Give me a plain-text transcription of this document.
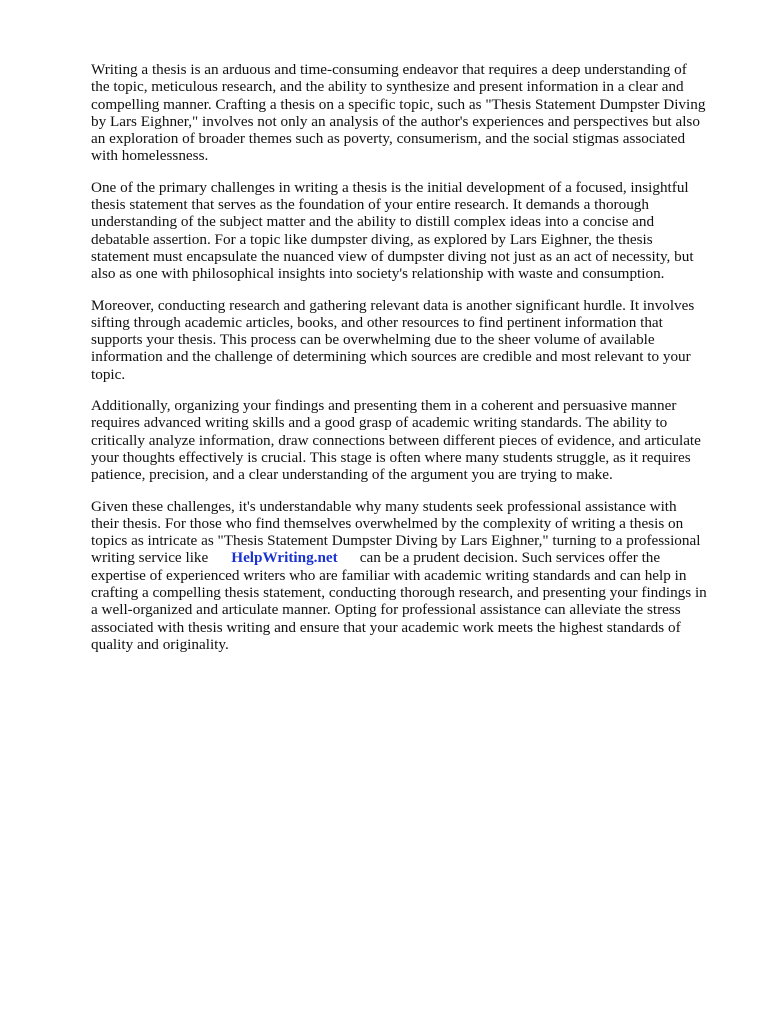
Writing a thesis is an arduous and time-consuming endeavor that requires a deep understanding of
the topic, meticulous research, and the ability to synthesize and present information in a clear and
compelling manner. Crafting a thesis on a specific topic, such as "Thesis Statement Dumpster Diving
by Lars Eighner," involves not only an analysis of the author's experiences and perspectives but also
an exploration of broader themes such as poverty, consumerism, and the social stigmas associated
with homelessness.

One of the primary challenges in writing a thesis is the initial development of a focused, insightful
thesis statement that serves as the foundation of your entire research. It demands a thorough
understanding of the subject matter and the ability to distill complex ideas into a concise and
debatable assertion. For a topic like dumpster diving, as explored by Lars Eighner, the thesis
statement must encapsulate the nuanced view of dumpster diving not just as an act of necessity, but
also as one with philosophical insights into society's relationship with waste and consumption.

Moreover, conducting research and gathering relevant data is another significant hurdle. It involves
sifting through academic articles, books, and other resources to find pertinent information that
supports your thesis. This process can be overwhelming due to the sheer volume of available
information and the challenge of determining which sources are credible and most relevant to your
topic.

Additionally, organizing your findings and presenting them in a coherent and persuasive manner
requires advanced writing skills and a good grasp of academic writing standards. The ability to
critically analyze information, draw connections between different pieces of evidence, and articulate
your thoughts effectively is crucial. This stage is often where many students struggle, as it requires
patience, precision, and a clear understanding of the argument you are trying to make.

Given these challenges, it's understandable why many students seek professional assistance with
their thesis. For those who find themselves overwhelmed by the complexity of writing a thesis on
topics as intricate as "Thesis Statement Dumpster Diving by Lars Eighner," turning to a professional
writing service like HelpWriting.net can be a prudent decision. Such services offer the
expertise of experienced writers who are familiar with academic writing standards and can help in
crafting a compelling thesis statement, conducting thorough research, and presenting your findings in
a well-organized and articulate manner. Opting for professional assistance can alleviate the stress
associated with thesis writing and ensure that your academic work meets the highest standards of
quality and originality.
